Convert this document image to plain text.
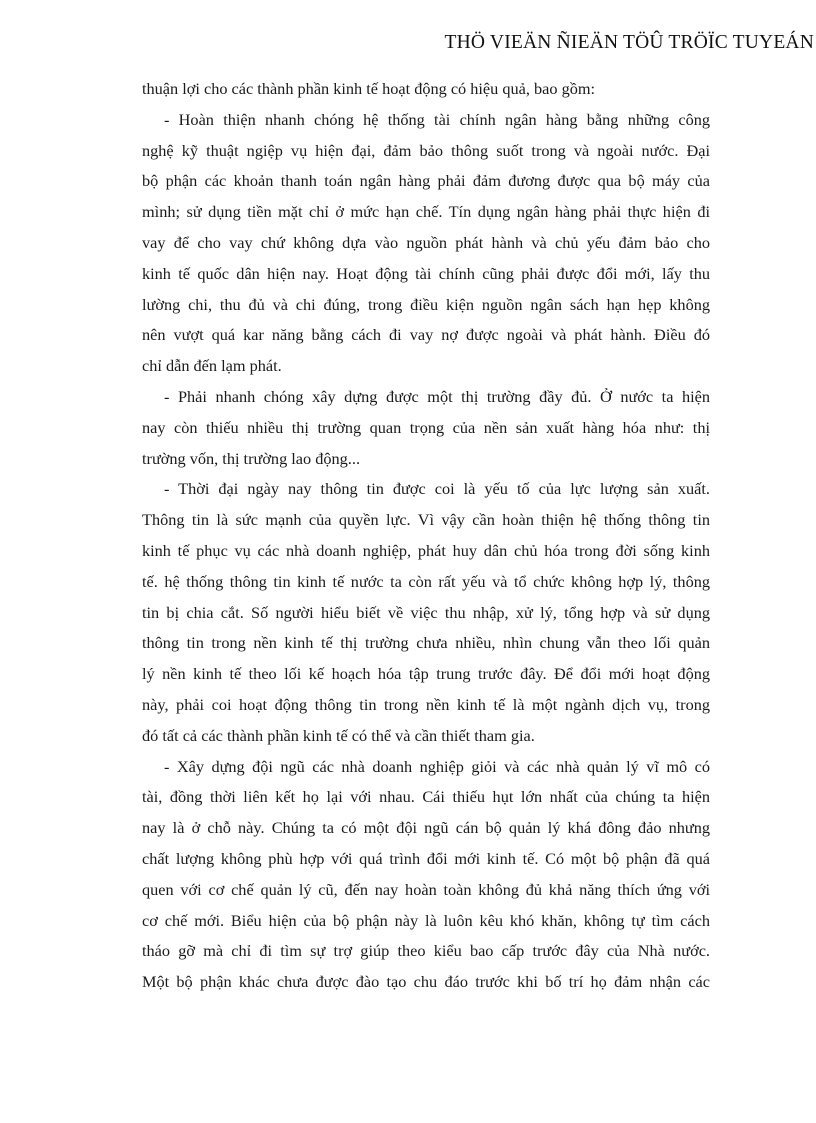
THÖ VIEÄN ÑIEÄN TÖÛ TRÖÏC TUYEÁN
thuận lợi cho các thành phần kinh tế hoạt động có hiệu quả, bao gồm:
- Hoàn thiện nhanh chóng hệ thống tài chính ngân hàng bằng những công
nghệ kỹ thuật ngiệp vụ hiện đại, đảm bảo thông suốt trong và ngoài nước. Đại
bộ phận các khoản thanh toán ngân hàng phải đảm đương được qua bộ máy của
mình; sử dụng tiền mặt chỉ ở mức hạn chế. Tín dụng ngân hàng phải thực hiện đi
vay để cho vay chứ không dựa vào nguồn phát hành và chủ yếu đảm bảo cho
kinh tế quốc dân hiện nay. Hoạt động tài chính cũng phải được đổi mới, lấy thu
lường chi, thu đủ và chi đúng, trong điều kiện nguồn ngân sách hạn hẹp không
nên vượt quá kar năng bằng cách đi vay nợ được ngoài và phát hành. Điều đó
chỉ dẫn đến lạm phát.
- Phải nhanh chóng xây dựng được một thị trường đầy đủ. Ở nước ta hiện
nay còn thiếu nhiều thị trường quan trọng của nền sản xuất hàng hóa như: thị
trường vốn, thị trường lao động...
- Thời đại ngày nay thông tin được coi là yếu tố của lực lượng sản xuất.
Thông tin là sức mạnh của quyền lực. Vì vậy cần hoàn thiện hệ thống thông tin
kinh tế phục vụ các nhà doanh nghiệp, phát huy dân chủ hóa trong đời sống kinh
tế. hệ thống thông tin kinh tế nước ta còn rất yếu và tổ chức không hợp lý, thông
tin bị chia cắt. Số người hiểu biết về việc thu nhập, xử lý, tổng hợp và sử dụng
thông tin trong nền kinh tế thị trường chưa nhiều, nhìn chung vẫn theo lối quản
lý nền kinh tế theo lối kế hoạch hóa tập trung trước đây. Để đổi mới hoạt động
này, phải coi hoạt động thông tin trong nền kinh tế là một ngành dịch vụ, trong
đó tất cả các thành phần kinh tế có thể và cần thiết tham gia.
- Xây dựng đội ngũ các nhà doanh nghiệp giỏi và các nhà quản lý vĩ mô có
tài, đồng thời liên kết họ lại với nhau. Cái thiếu hụt lớn nhất của chúng ta hiện
nay là ở chỗ này. Chúng ta có một đội ngũ cán bộ quản lý khá đông đảo nhưng
chất lượng không phù hợp với quá trình đổi mới kinh tế. Có một bộ phận đã quá
quen với cơ chế quản lý cũ, đến nay hoàn toàn không đủ khả năng thích ứng với
cơ chế mới. Biểu hiện của bộ phận này là luôn kêu khó khăn, không tự tìm cách
tháo gỡ mà chỉ đi tìm sự trợ giúp theo kiểu bao cấp trước đây của Nhà nước.
Một bộ phận khác chưa được đào tạo chu đáo trước khi bố trí họ đảm nhận các
